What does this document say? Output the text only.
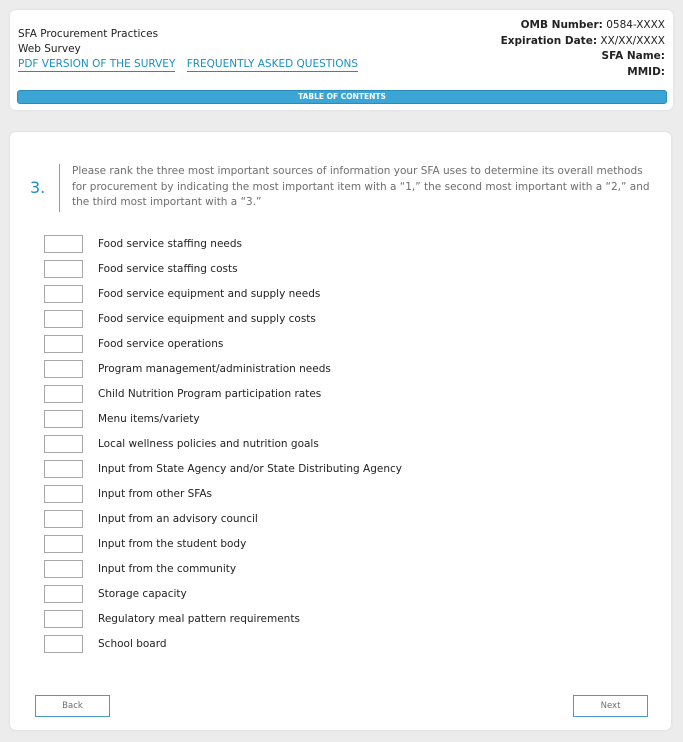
SFA Procurement Practices
Web Survey
PDF VERSION OF THE SURVEY FREQUENTLY ASKED QUESTIONS
OMB Number: 0584-XXXX
Expiration Date: XX/XX/XXXX
SFA Name:
MMID:
TABLE OF CONTENTS
3.
Please rank the three most important sources of information your SFA uses to determine its overall methods for procurement by indicating the most important item with a “1,” the second most important with a “2,” and the third most important with a “3.”
Food service staffing needs
Food service staffing costs
Food service equipment and supply needs
Food service equipment and supply costs
Food service operations
Program management/administration needs
Child Nutrition Program participation rates
Menu items/variety
Local wellness policies and nutrition goals
Input from State Agency and/or State Distributing Agency
Input from other SFAs
Input from an advisory council
Input from the student body
Input from the community
Storage capacity
Regulatory meal pattern requirements
School board
Back	Next
